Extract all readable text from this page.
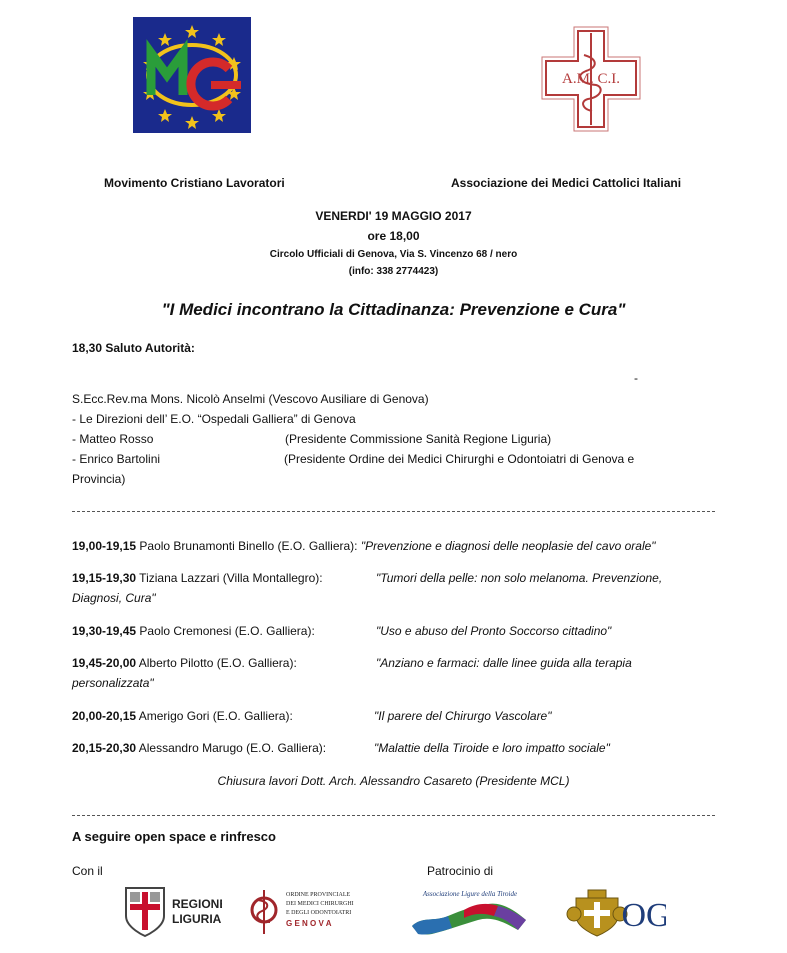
A.M. C.I.
Movimento Cristiano Lavoratori	Associazione dei Medici Cattolici Italiani
VENERDI' 19 MAGGIO 2017
ore 18,00
Circolo Ufficiali di Genova, Via S. Vincenzo 68 / nero
(info: 338 2774423)
"I Medici incontrano la Cittadinanza: Prevenzione e Cura"
18,30 Saluto Autorità:
-
S.Ecc.Rev.ma Mons. Nicolò Anselmi (Vescovo Ausiliare di Genova)
- Le Direzioni dell’ E.O. “Ospedali Galliera” di Genova
- Matteo Rosso	(Presidente Commissione Sanità Regione Liguria)
- Enrico Bartolini	(Presidente Ordine dei Medici Chirurghi e Odontoiatri di Genova e
Provincia)
19,00-19,15 Paolo Brunamonti Binello (E.O. Galliera): "Prevenzione e diagnosi delle neoplasie del cavo orale"
19,15-19,30 Tiziana Lazzari (Villa Montallegro):	"Tumori della pelle: non solo melanoma. Prevenzione,
Diagnosi, Cura"
19,30-19,45 Paolo Cremonesi (E.O. Galliera):	"Uso e abuso del Pronto Soccorso cittadino"
19,45-20,00 Alberto Pilotto (E.O. Galliera):	"Anziano e farmaci: dalle linee guida alla terapia
personalizzata"
20,00-20,15 Amerigo Gori (E.O. Galliera):	"Il parere del Chirurgo Vascolare"
20,15-20,30 Alessandro Marugo (E.O. Galliera):	"Malattie della Tiroide e loro impatto sociale"
Chiusura lavori Dott. Arch. Alessandro Casareto (Presidente MCL)
A seguire open space e rinfresco
Con il	Patrocinio di
REGIONE
LIGURIA
ORDINE PROVINCIALE
DEI MEDICI CHIRURGHI
E DEGLI ODONTOIATRI
G E N O V A
Associazione Ligure della Tiroide
OG
